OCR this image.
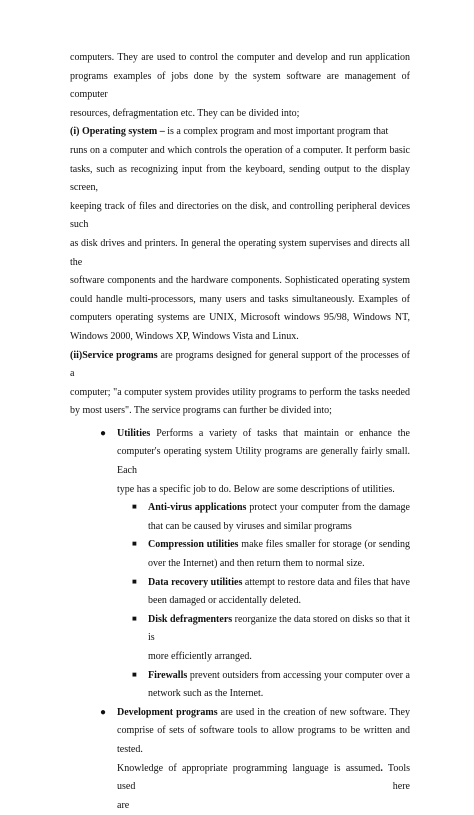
computers. They are used to control the computer and develop and run application

programs examples of jobs done by the system software are management of computer

resources, defragmentation etc. They can be divided into;

(i) Operating system – is a complex program and most important program that

runs on a computer and which controls the operation of a computer. It perform basic

tasks, such as recognizing input from the keyboard, sending output to the display screen,

keeping track of files and directories on the disk, and controlling peripheral devices such

as disk drives and printers. In general the operating system supervises and directs all the

software components and the hardware components. Sophisticated operating system

could handle multi-processors, many users and tasks simultaneously. Examples of

computers operating systems are UNIX, Microsoft windows 95/98, Windows NT,

Windows 2000, Windows XP, Windows Vista and Linux.

(ii)Service programs are programs designed for general support of the processes of a

computer; "a computer system provides utility programs to perform the tasks needed

by most users". The service programs can further be divided into;

● Utilities Performs a variety of tasks that maintain or enhance the

computer's operating system Utility programs are generally fairly small. Each

type has a specific job to do. Below are some descriptions of utilities.

■ Anti-virus applications protect your computer from the damage

that can be caused by viruses and similar programs

■ Compression utilities make files smaller for storage (or sending

over the Internet) and then return them to normal size.

■ Data recovery utilities attempt to restore data and files that have

been damaged or accidentally deleted.

■ Disk defragmenters reorganize the data stored on disks so that it is

more efficiently arranged.

■ Firewalls prevent outsiders from accessing your computer over a

network such as the Internet.

● Development programs are used in the creation of new software. They

comprise of sets of software tools to allow programs to be written and tested.

Knowledge of appropriate programming language is assumed. Tools used here

are
